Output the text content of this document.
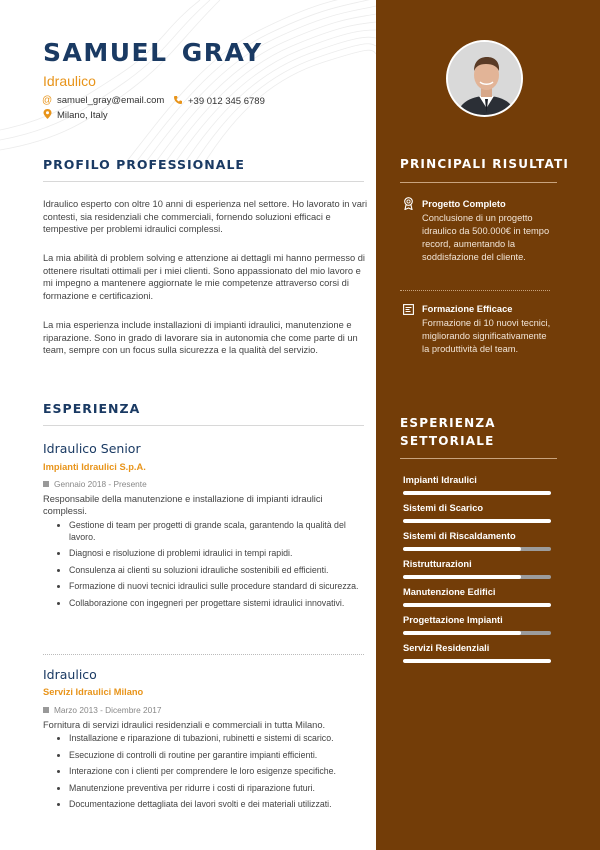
SAMUEL GRAY
Idraulico
@ samuel_gray@email.com +39 012 345 6789
Milano, Italy
PROFILO PROFESSIONALE
Idraulico esperto con oltre 10 anni di esperienza nel settore. Ho lavorato in vari contesti, sia residenziali che commerciali, fornendo soluzioni efficaci e tempestive per problemi idraulici complessi.
La mia abilità di problem solving e attenzione ai dettagli mi hanno permesso di ottenere risultati ottimali per i miei clienti. Sono appassionato del mio lavoro e mi impegno a mantenere aggiornate le mie competenze attraverso corsi di formazione e certificazioni.
La mia esperienza include installazioni di impianti idraulici, manutenzione e riparazione. Sono in grado di lavorare sia in autonomia che come parte di un team, sempre con un focus sulla sicurezza e la qualità del servizio.
ESPERIENZA
Idraulico Senior
Impianti Idraulici S.p.A.
Gennaio 2018 - Presente
Responsabile della manutenzione e installazione di impianti idraulici complessi.
Gestione di team per progetti di grande scala, garantendo la qualità del lavoro.
Diagnosi e risoluzione di problemi idraulici in tempi rapidi.
Consulenza ai clienti su soluzioni idrauliche sostenibili ed efficienti.
Formazione di nuovi tecnici idraulici sulle procedure standard di sicurezza.
Collaborazione con ingegneri per progettare sistemi idraulici innovativi.
Idraulico
Servizi Idraulici Milano
Marzo 2013 - Dicembre 2017
Fornitura di servizi idraulici residenziali e commerciali in tutta Milano.
Installazione e riparazione di tubazioni, rubinetti e sistemi di scarico.
Esecuzione di controlli di routine per garantire impianti efficienti.
Interazione con i clienti per comprendere le loro esigenze specifiche.
Manutenzione preventiva per ridurre i costi di riparazione futuri.
Documentazione dettagliata dei lavori svolti e dei materiali utilizzati.
PRINCIPALI RISULTATI
Progetto Completo
Conclusione di un progetto idraulico da 500.000€ in tempo record, aumentando la soddisfazione del cliente.
Formazione Efficace
Formazione di 10 nuovi tecnici, migliorando significativamente la produttività del team.
ESPERIENZA
SETTORIALE
Impianti Idraulici
Sistemi di Scarico
Sistemi di Riscaldamento
Ristrutturazioni
Manutenzione Edifici
Progettazione Impianti
Servizi Residenziali
